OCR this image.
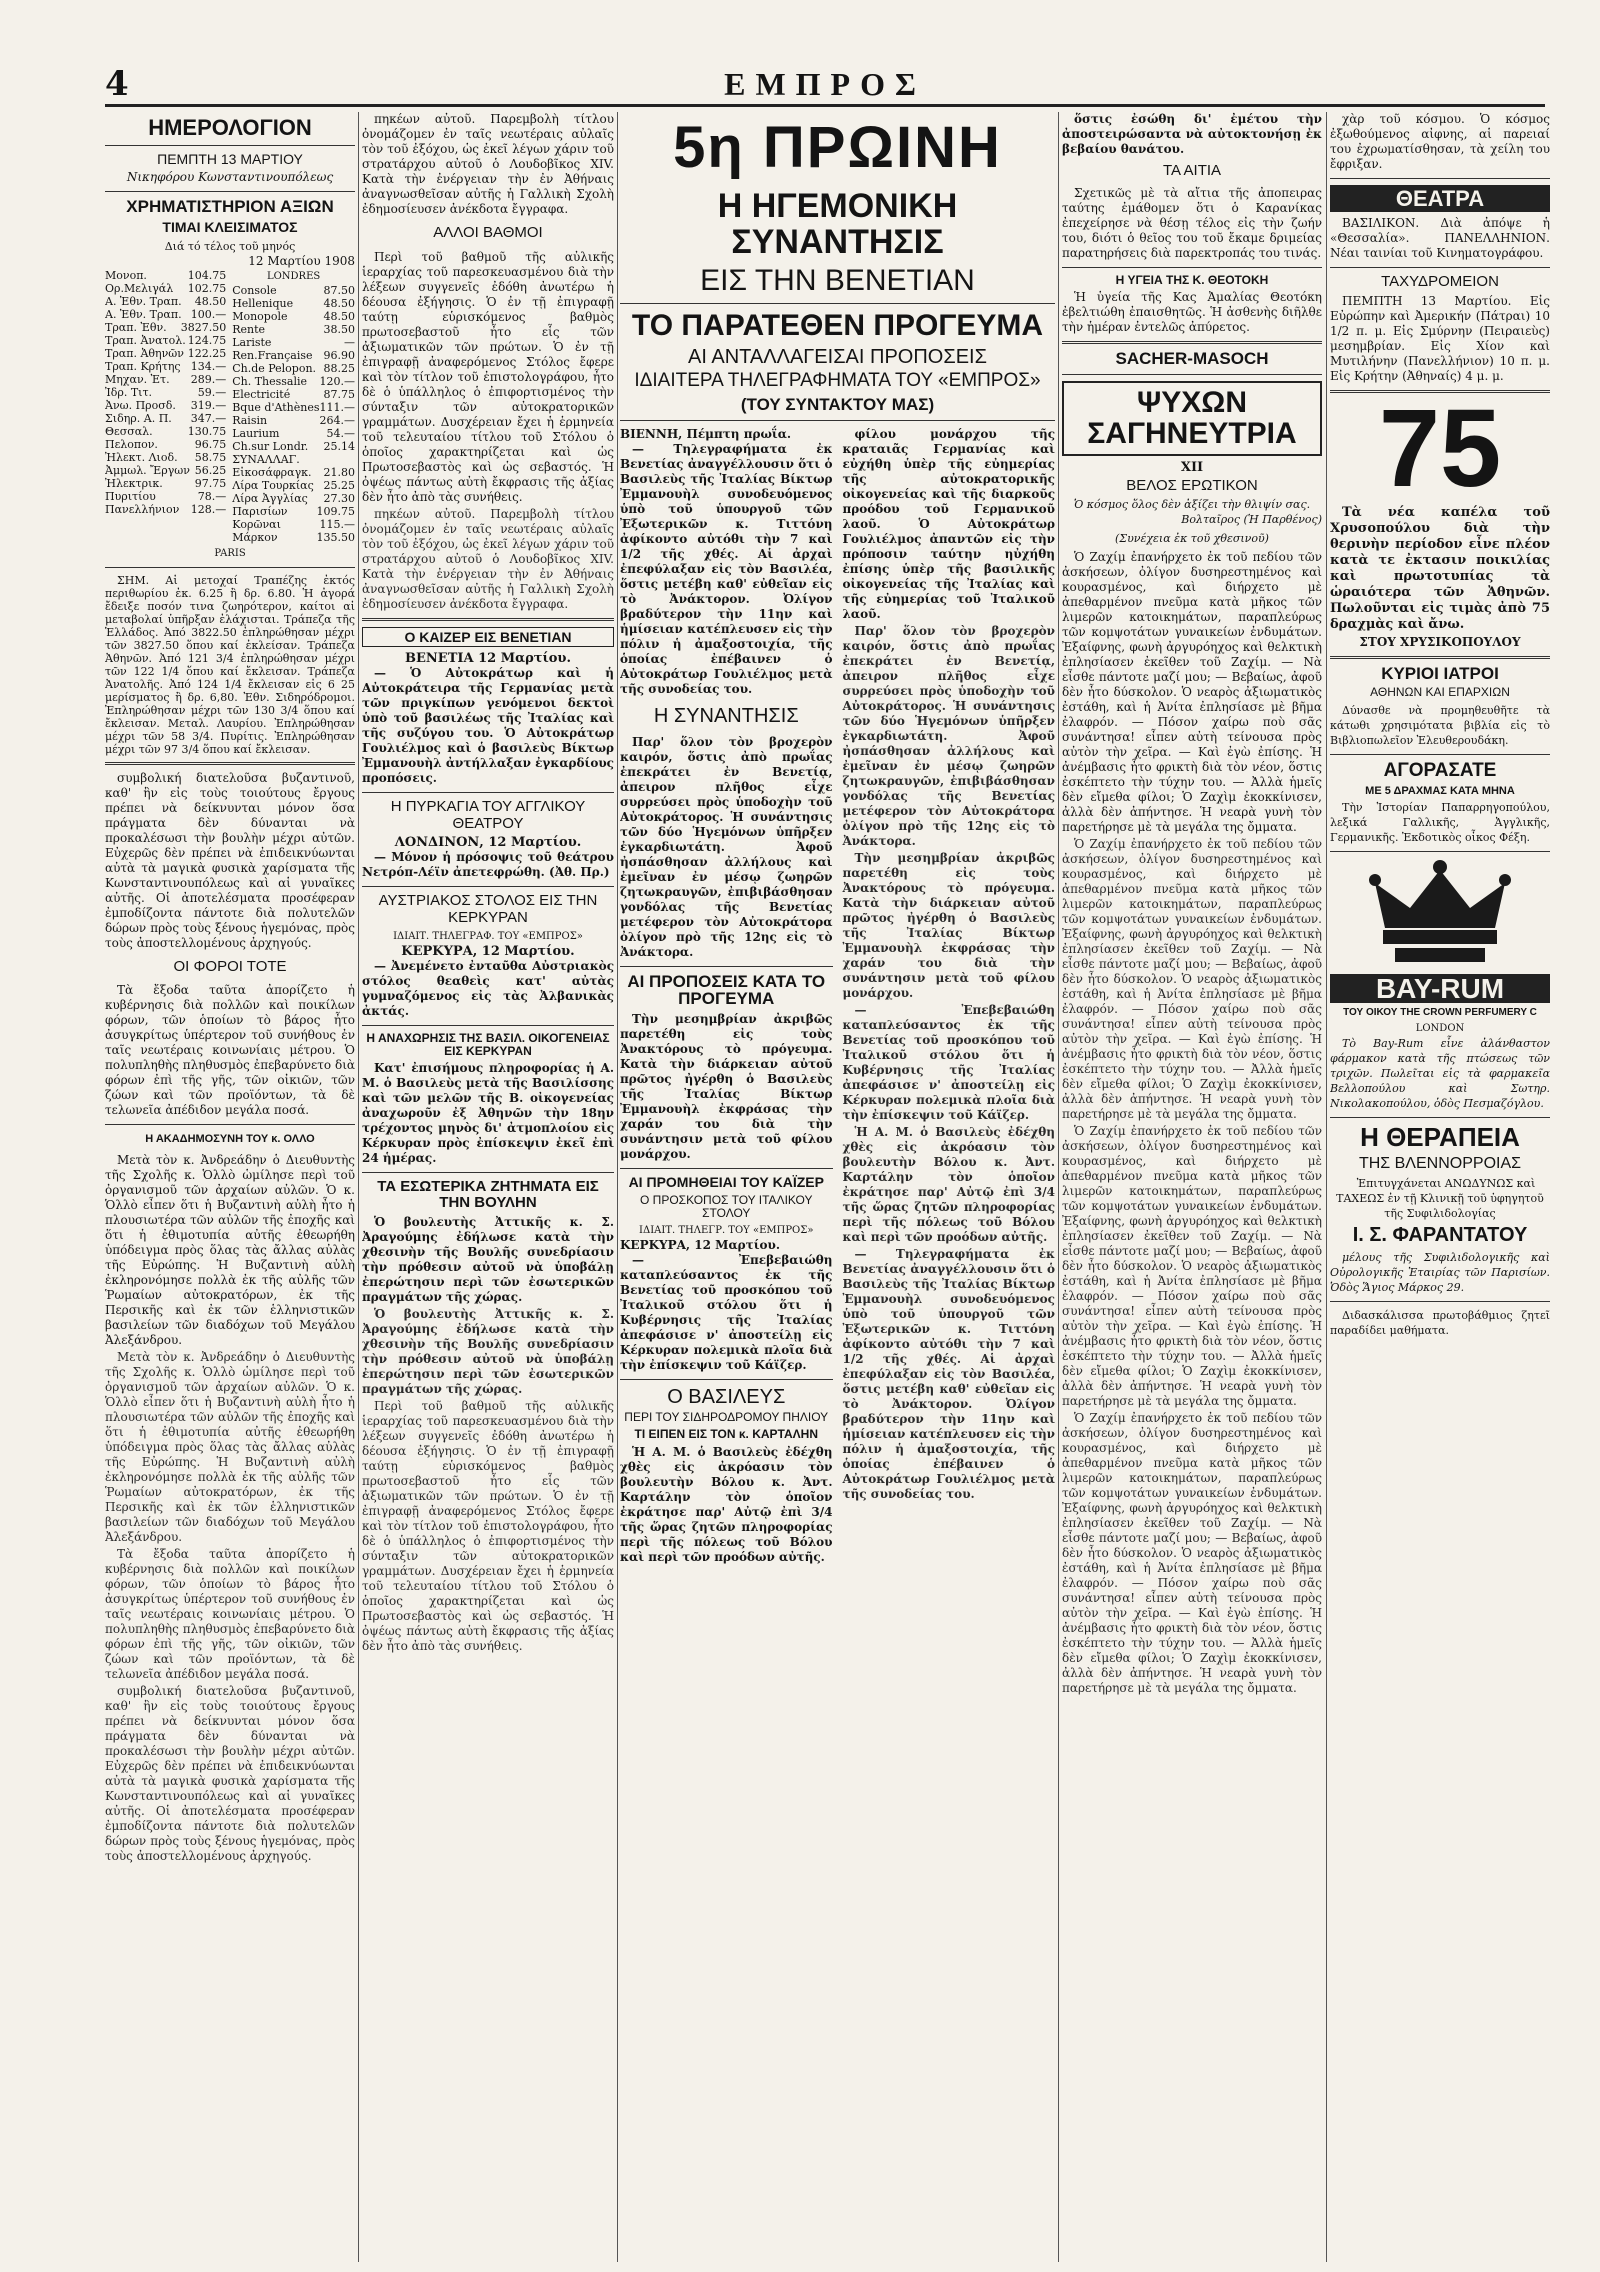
4	ΕΜΠΡΟΣ
ΗΜΕΡΟΛΟΓΙΟΝ
ΠΕΜΠΤΗ 13 ΜΑΡΤΙΟΥ
Νικηφόρου Κωνσταντινουπόλεως
ΧΡΗΜΑΤΙΣΤΗΡΙΟΝ ΑΞΙΩΝ
ΤΙΜΑΙ ΚΛΕΙΣΙΜΑΤΟΣ
Διά τό τέλος τοῦ μηνός
12 Μαρτίου 1908
Μονοπ.	104.75
Ορ.Μελιγάλ 102.75
Α. Ἐθν. Τραπ. 48.50
Α. Ἐθν. Τραπ. 100.—
Τραπ. Ἐθν. 3827.50
Τραπ. Ἀνατολ. 124.75
Τραπ. Ἀθηνῶν 122.25
Τραπ. Κρήτης 134.—
Μηχαν. Ἐτ. 289.—
Ἰδρ. Τιτ.	59.—
Ἀνω. Προσδ. 319.—
Σιδηρ. Α. Π. 347.—
Θεσσαλ.	130.75
Πελοπον.	96.75
Ἠλεκτ. Λιοδ. 58.75
Ἀμμωλ. Ἔργων 56.25
Ἠλεκτρικ.	97.75
Πυριτίου	78.—
Πανελλήνιον 128.—
LONDRES
Console	87.50
Hellenique	48.50
Monopole	48.50
Rente	38.50
Lariste	—
Ren.Française 96.90
Ch.de Pelopon. 88.25
Ch. Thessalie 120.—
Electricité	87.75
Bque d'Athènes 111.—
Raisin	264.—
Laurium	54.—
Ch.sur Londr. 25.14
ΣΥΝΑΛΛΑΓ.
Εἰκοσάφραγκ. 21.80
Λίρα Τουρκίας 25.25
Λίρα Ἀγγλίας 27.30
Παρισίων	109.75
Κορῶναι	115.—
Μάρκον	135.50
PARIS
ΣΗΜ. Αἱ μετοχαί Τραπέζης ἐκτός περιθωρίου ἐκ. 6.25 ἢ δρ. 6.80. Ἡ ἀγορά ἔδειξε ποσόν τινα ζωηρότερον, καίτοι αἱ μεταβολαί ὑπῆρξαν ἐλάχισται. Τράπεζα τῆς Ἑλλάδος. Ἀπό 3822.50 ἐπληρώθησαν μέχρι τῶν 3827.50 ὅπου καί ἐκλείσαν. Τράπεζα Ἀθηνῶν. Ἀπό 121 3/4 ἐπληρώθησαν μέχρι τῶν 122 1/4 ὅπου καί ἔκλεισαν. Τράπεζα Ἀνατολῆς. Ἀπό 124 1/4 ἔκλεισαν εἰς 6 25 μερίσματος ἢ δρ. 6,80. Ἐθν. Σιδηρόδρομοι. Ἐπληρώθησαν μέχρι τῶν 130 3/4 ὅπου καί ἔκλεισαν. Μεταλ. Λαυρίου. Ἐπληρώθησαν μέχρι τῶν 58 3/4. Πυρίτις. Ἐπληρώθησαν μέχρι τῶν 97 3/4 ὅπου καί ἔκλεισαν.
συμβολική διατελοῦσα βυζαντινοῦ, καθ' ἣν εἰς τοὺς τοιούτους ἔργους πρέπει νὰ δείκνυνται μόνον ὅσα πράγματα δὲν δύνανται νὰ προκαλέσωσι τὴν βουλὴν μέχρι αὐτῶν. Εὐχερῶς δὲν πρέπει νὰ ἐπιδεικνύωνται αὐτὰ τὰ μαγικὰ φυσικὰ χαρίσματα τῆς Κωνσταντινουπόλεως καὶ αἱ γυναῖκες αὐτῆς. Οἱ ἀποτελέσματα προσέφεραν ἐμποδίζοντα πάντοτε διὰ πολυτελῶν δώρων πρὸς τοὺς ξένους ἡγεμόνας, πρὸς τοὺς ἀποστελλομένους ἀρχηγούς.
ΟΙ ΦΟΡΟΙ ΤΟΤΕ
Τὰ ἔξοδα ταῦτα ἀπορίζετο ἡ κυβέρνησις διὰ πολλῶν καὶ ποικίλων φόρων, τῶν ὁποίων τὸ βάρος ἦτο ἀσυγκρίτως ὑπέρτερον τοῦ συνήθους ἐν ταῖς νεωτέραις κοινωνίαις μέτρου. Ὁ πολυπληθὴς πληθυσμὸς ἐπεβαρύνετο διὰ φόρων ἐπὶ τῆς γῆς, τῶν οἰκιῶν, τῶν ζώων καὶ τῶν προϊόντων, τὰ δὲ τελωνεῖα ἀπέδιδον μεγάλα ποσά.
Η ΑΚΑΔΗΜΟΣΥΝΗ ΤΟΥ κ. ΟΛΛΟ
Μετὰ τὸν κ. Ἀνδρεάδην ὁ Διευθυντὴς τῆς Σχολῆς κ. Ὁλλὸ ὡμίλησε περὶ τοῦ ὀργανισμοῦ τῶν ἀρχαίων αὐλῶν. Ὁ κ. Ὁλλὸ εἶπεν ὅτι ἡ Βυζαντινὴ αὐλὴ ἦτο ἡ πλουσιωτέρα τῶν αὐλῶν τῆς ἐποχῆς καὶ ὅτι ἡ ἐθιμοτυπία αὐτῆς ἐθεωρήθη ὑπόδειγμα πρὸς ὅλας τὰς ἄλλας αὐλὰς τῆς Εὐρώπης. Ἡ Βυζαντινὴ αὐλὴ ἐκληρονόμησε πολλὰ ἐκ τῆς αὐλῆς τῶν Ῥωμαίων αὐτοκρατόρων, ἐκ τῆς Περσικῆς καὶ ἐκ τῶν ἑλληνιστικῶν βασιλείων τῶν διαδόχων τοῦ Μεγάλου Ἀλεξάνδρου.
Μετὰ τὸν κ. Ἀνδρεάδην ὁ Διευθυντὴς τῆς Σχολῆς κ. Ὁλλὸ ὡμίλησε περὶ τοῦ ὀργανισμοῦ τῶν ἀρχαίων αὐλῶν. Ὁ κ. Ὁλλὸ εἶπεν ὅτι ἡ Βυζαντινὴ αὐλὴ ἦτο ἡ πλουσιωτέρα τῶν αὐλῶν τῆς ἐποχῆς καὶ ὅτι ἡ ἐθιμοτυπία αὐτῆς ἐθεωρήθη ὑπόδειγμα πρὸς ὅλας τὰς ἄλλας αὐλὰς τῆς Εὐρώπης. Ἡ Βυζαντινὴ αὐλὴ ἐκληρονόμησε πολλὰ ἐκ τῆς αὐλῆς τῶν Ῥωμαίων αὐτοκρατόρων, ἐκ τῆς Περσικῆς καὶ ἐκ τῶν ἑλληνιστικῶν βασιλείων τῶν διαδόχων τοῦ Μεγάλου Ἀλεξάνδρου.
Τὰ ἔξοδα ταῦτα ἀπορίζετο ἡ κυβέρνησις διὰ πολλῶν καὶ ποικίλων φόρων, τῶν ὁποίων τὸ βάρος ἦτο ἀσυγκρίτως ὑπέρτερον τοῦ συνήθους ἐν ταῖς νεωτέραις κοινωνίαις μέτρου. Ὁ πολυπληθὴς πληθυσμὸς ἐπεβαρύνετο διὰ φόρων ἐπὶ τῆς γῆς, τῶν οἰκιῶν, τῶν ζώων καὶ τῶν προϊόντων, τὰ δὲ τελωνεῖα ἀπέδιδον μεγάλα ποσά.
συμβολική διατελοῦσα βυζαντινοῦ, καθ' ἣν εἰς τοὺς τοιούτους ἔργους πρέπει νὰ δείκνυνται μόνον ὅσα πράγματα δὲν δύνανται νὰ προκαλέσωσι τὴν βουλὴν μέχρι αὐτῶν. Εὐχερῶς δὲν πρέπει νὰ ἐπιδεικνύωνται αὐτὰ τὰ μαγικὰ φυσικὰ χαρίσματα τῆς Κωνσταντινουπόλεως καὶ αἱ γυναῖκες αὐτῆς. Οἱ ἀποτελέσματα προσέφεραν ἐμποδίζοντα πάντοτε διὰ πολυτελῶν δώρων πρὸς τοὺς ξένους ἡγεμόνας, πρὸς τοὺς ἀποστελλομένους ἀρχηγούς.
πηκέων αὐτοῦ. Παρεμβολὴ τίτλου ὀνομάζομεν ἐν ταῖς νεωτέραις αὐλαῖς τὸν τοῦ ἐξόχου, ὡς ἐκεῖ λέγων χάριν τοῦ στρατάρχου αὐτοῦ ὁ Λουδοβῖκος XIV. Κατὰ τὴν ἐνέργειαν τὴν ἐν Ἀθήναις ἀναγνωσθεῖσαν αὐτῆς ἡ Γαλλικὴ Σχολὴ ἐδημοσίευσεν ἀνέκδοτα ἔγγραφα.
ΑΛΛΟΙ ΒΑΘΜΟΙ
Περὶ τοῦ βαθμοῦ τῆς αὐλικῆς ἱεραρχίας τοῦ παρεσκευασμένου διὰ τὴν λέξεων συγγενεῖς ἐδόθη ἀνωτέρω ἡ δέουσα ἐξήγησις. Ὁ ἐν τῇ ἐπιγραφῇ ταύτῃ εὑρισκόμενος βαθμὸς πρωτοσεβαστοῦ ἦτο εἷς τῶν ἀξιωματικῶν τῶν πρώτων. Ὁ ἐν τῇ ἐπιγραφῇ ἀναφερόμενος Στόλος ἔφερε καὶ τὸν τίτλον τοῦ ἐπιστολογράφου, ἦτο δὲ ὁ ὑπάλληλος ὁ ἐπιφορτισμένος τὴν σύνταξιν τῶν αὐτοκρατορικῶν γραμμάτων. Δυσχέρειαν ἔχει ἡ ἑρμηνεία τοῦ τελευταίου τίτλου τοῦ Στόλου ὁ ὁποῖος χαρακτηρίζεται καὶ ὡς Πρωτοσεβαστὸς καὶ ὡς σεβαστός. Ἡ ὀψέως πάντως αὐτὴ ἔκφρασις τῆς ἀξίας δὲν ἦτο ἀπὸ τὰς συνήθεις.
πηκέων αὐτοῦ. Παρεμβολὴ τίτλου ὀνομάζομεν ἐν ταῖς νεωτέραις αὐλαῖς τὸν τοῦ ἐξόχου, ὡς ἐκεῖ λέγων χάριν τοῦ στρατάρχου αὐτοῦ ὁ Λουδοβῖκος XIV. Κατὰ τὴν ἐνέργειαν τὴν ἐν Ἀθήναις ἀναγνωσθεῖσαν αὐτῆς ἡ Γαλλικὴ Σχολὴ ἐδημοσίευσεν ἀνέκδοτα ἔγγραφα.
Ο ΚΑΙΖΕΡ ΕΙΣ ΒΕΝΕΤΙΑΝ
ΒΕΝΕΤΙΑ 12 Μαρτίου.
— Ὁ Αὐτοκράτωρ καὶ ἡ Αὐτοκράτειρα τῆς Γερμανίας μετὰ τῶν πριγκίπων γενόμενοι δεκτοὶ ὑπὸ τοῦ βασιλέως τῆς Ἰταλίας καὶ τῆς συζύγου του. Ὁ Αὐτοκράτωρ Γουλιέλμος καὶ ὁ βασιλεὺς Βίκτωρ Ἐμμανουὴλ ἀντήλλαξαν ἐγκαρδίους προπόσεις.
Η ΠΥΡΚΑΓΙΑ ΤΟΥ ΑΓΓΛΙΚΟΥ ΘΕΑΤΡΟΥ
ΛΟΝΔΙΝΟΝ, 12 Μαρτίου.
— Μόνον ἡ πρόσοψις τοῦ θεάτρου Νετρόπ-Λέϊν ἀπετεφρώθη. (Ἀθ. Πρ.)
ΑΥΣΤΡΙΑΚΟΣ ΣΤΟΛΟΣ ΕΙΣ ΤΗΝ ΚΕΡΚΥΡΑΝ
ΙΔΙΑΙΤ. ΤΗΛΕΓΡΑΦ. ΤΟΥ «ΕΜΠΡΟΣ»
ΚΕΡΚΥΡΑ, 12 Μαρτίου.
— Ἀνεμένετο ἐνταῦθα Αὐστριακὸς στόλος θεαθεὶς κατ' αὐτὰς γυμναζόμενος εἰς τὰς Ἀλβανικὰς ἀκτάς.
Η ΑΝΑΧΩΡΗΣΙΣ ΤΗΣ ΒΑΣΙΛ. ΟΙΚΟΓΕΝΕΙΑΣ ΕΙΣ ΚΕΡΚΥΡΑΝ
Κατ' ἐπισήμους πληροφορίας ἡ Α. Μ. ὁ Βασιλεὺς μετὰ τῆς Βασιλίσσης καὶ τῶν μελῶν τῆς Β. οἰκογενείας ἀναχωροῦν ἐξ Ἀθηνῶν τὴν 18ην τρέχοντος μηνὸς δι' ἀτμοπλοίου εἰς Κέρκυραν πρὸς ἐπίσκεψιν ἐκεῖ ἐπὶ 24 ἡμέρας.
ΤΑ ΕΣΩΤΕΡΙΚΑ ΖΗΤΗΜΑΤΑ ΕΙΣ ΤΗΝ ΒΟΥΛΗΝ
Ὁ βουλευτὴς Ἀττικῆς κ. Σ. Ἀραγούμης ἐδήλωσε κατὰ τὴν χθεσινὴν τῆς Βουλῆς συνεδρίασιν τὴν πρόθεσιν αὐτοῦ νὰ ὑποβάλῃ ἐπερώτησιν περὶ τῶν ἐσωτερικῶν πραγμάτων τῆς χώρας.
Ὁ βουλευτὴς Ἀττικῆς κ. Σ. Ἀραγούμης ἐδήλωσε κατὰ τὴν χθεσινὴν τῆς Βουλῆς συνεδρίασιν τὴν πρόθεσιν αὐτοῦ νὰ ὑποβάλῃ ἐπερώτησιν περὶ τῶν ἐσωτερικῶν πραγμάτων τῆς χώρας.
Περὶ τοῦ βαθμοῦ τῆς αὐλικῆς ἱεραρχίας τοῦ παρεσκευασμένου διὰ τὴν λέξεων συγγενεῖς ἐδόθη ἀνωτέρω ἡ δέουσα ἐξήγησις. Ὁ ἐν τῇ ἐπιγραφῇ ταύτῃ εὑρισκόμενος βαθμὸς πρωτοσεβαστοῦ ἦτο εἷς τῶν ἀξιωματικῶν τῶν πρώτων. Ὁ ἐν τῇ ἐπιγραφῇ ἀναφερόμενος Στόλος ἔφερε καὶ τὸν τίτλον τοῦ ἐπιστολογράφου, ἦτο δὲ ὁ ὑπάλληλος ὁ ἐπιφορτισμένος τὴν σύνταξιν τῶν αὐτοκρατορικῶν γραμμάτων. Δυσχέρειαν ἔχει ἡ ἑρμηνεία τοῦ τελευταίου τίτλου τοῦ Στόλου ὁ ὁποῖος χαρακτηρίζεται καὶ ὡς Πρωτοσεβαστὸς καὶ ὡς σεβαστός. Ἡ ὀψέως πάντως αὐτὴ ἔκφρασις τῆς ἀξίας δὲν ἦτο ἀπὸ τὰς συνήθεις.
5η ΠΡΩΙΝΗ
Η ΗΓΕΜΟΝΙΚΗ ΣΥΝΑΝΤΗΣΙΣ
ΕΙΣ ΤΗΝ ΒΕΝΕΤΙΑΝ
ΤΟ ΠΑΡΑΤΕΘΕΝ ΠΡΟΓΕΥΜΑ
ΑΙ ΑΝΤΑΛΛΑΓΕΙΣΑΙ ΠΡΟΠΟΣΕΙΣ
ΙΔΙΑΙΤΕΡΑ ΤΗΛΕΓΡΑΦΗΜΑΤΑ ΤΟΥ «ΕΜΠΡΟΣ»
(ΤΟΥ ΣΥΝΤΑΚΤΟΥ ΜΑΣ)
ΒΙΕΝΝΗ, Πέμπτη πρωΐα.
— Τηλεγραφήματα ἐκ Βενετίας ἀναγγέλλουσιν ὅτι ὁ Βασιλεὺς τῆς Ἰταλίας Βίκτωρ Ἐμμανουὴλ συνοδευόμενος ὑπὸ τοῦ ὑπουργοῦ τῶν Ἐξωτερικῶν κ. Τιττόνη ἀφίκοντο αὐτόθι τὴν 7 καὶ 1/2 τῆς χθές. Αἱ ἀρχαὶ ἐπεφύλαξαν εἰς τὸν Βασιλέα, ὅστις μετέβη καθ' εὐθεῖαν εἰς τὸ Ἀνάκτορον. Ὀλίγον βραδύτερον τὴν 11ην καὶ ἡμίσειαν κατέπλευσεν εἰς τὴν πόλιν ἡ ἀμαξοστοιχία, τῆς ὁποίας ἐπέβαινεν ὁ Αὐτοκράτωρ Γουλιέλμος μετὰ τῆς συνοδείας του.
Η ΣΥΝΑΝΤΗΣΙΣ
Παρ' ὅλον τὸν βροχερὸν καιρόν, ὅστις ἀπὸ πρωΐας ἐπεκράτει ἐν Βενετίᾳ, ἀπειρον πλῆθος εἶχε συρρεύσει πρὸς ὑποδοχὴν τοῦ Αὐτοκράτορος. Ἡ συνάντησις τῶν δύο Ἡγεμόνων ὑπῆρξεν ἐγκαρδιωτάτη. Ἀφοῦ ἠσπάσθησαν ἀλλήλους καὶ ἐμεῖναν ἐν μέσῳ ζωηρῶν ζητωκραυγῶν, ἐπιβιβάσθησαν γονδόλας τῆς Βενετίας μετέφερον τὸν Αὐτοκράτορα ὀλίγον πρὸ τῆς 12ης εἰς τὸ Ἀνάκτορα.
ΑΙ ΠΡΟΠΟΣΕΙΣ ΚΑΤΑ ΤΟ ΠΡΟΓΕΥΜΑ
Τὴν μεσημβρίαν ἀκριβῶς παρετέθη εἰς τοὺς Ἀνακτόρους τὸ πρόγευμα. Κατὰ τὴν διάρκειαν αὐτοῦ πρῶτος ἠγέρθη ὁ Βασιλεὺς τῆς Ἰταλίας Βίκτωρ Ἐμμανουὴλ ἐκφράσας τὴν χαράν του διὰ τὴν συνάντησιν μετὰ τοῦ φίλου μονάρχου.
ΑΙ ΠΡΟΜΗΘΕΙΑΙ ΤΟΥ ΚΑΪΖΕΡ
Ο ΠΡΟΣΚΟΠΟΣ ΤΟΥ ΙΤΑΛΙΚΟΥ ΣΤΟΛΟΥ
ΙΔΙΑΙΤ. ΤΗΛΕΓΡ. ΤΟΥ «ΕΜΠΡΟΣ»
ΚΕΡΚΥΡΑ, 12 Μαρτίου.
— Ἐπεβεβαιώθη καταπλεύσαντος ἐκ τῆς Βενετίας τοῦ προσκόπου τοῦ Ἰταλικοῦ στόλου ὅτι ἡ Κυβέρνησις τῆς Ἰταλίας ἀπεφάσισε ν' ἀποστείλῃ εἰς Κέρκυραν πολεμικὰ πλοῖα διὰ τὴν ἐπίσκεψιν τοῦ Κάϊζερ.
Ο ΒΑΣΙΛΕΥΣ
ΠΕΡΙ ΤΟΥ ΣΙΔΗΡΟΔΡΟΜΟΥ ΠΗΛΙΟΥ
ΤΙ ΕΙΠΕΝ ΕΙΣ ΤΟΝ κ. ΚΑΡΤΑΛΗΝ
Ἡ Α. Μ. ὁ Βασιλεὺς ἐδέχθη χθὲς εἰς ἀκρόασιν τὸν βουλευτὴν Βόλου κ. Ἀντ. Καρτάλην τὸν ὁποῖον ἐκράτησε παρ' Αὐτῷ ἐπὶ 3/4 τῆς ὥρας ζητῶν πληροφορίας περὶ τῆς πόλεως τοῦ Βόλου καὶ περὶ τῶν προόδων αὐτῆς.
φίλου μονάρχου τῆς κραταιᾶς Γερμανίας καὶ εὐχήθη ὑπὲρ τῆς εὐημερίας τῆς αὐτοκρατορικῆς οἰκογενείας καὶ τῆς διαρκοῦς προόδου τοῦ Γερμανικοῦ λαοῦ. Ὁ Αὐτοκράτωρ Γουλιέλμος ἀπαντῶν εἰς τὴν πρόποσιν ταύτην ηὐχήθη ἐπίσης ὑπὲρ τῆς βασιλικῆς οἰκογενείας τῆς Ἰταλίας καὶ τῆς εὐημερίας τοῦ Ἰταλικοῦ λαοῦ.
Παρ' ὅλον τὸν βροχερὸν καιρόν, ὅστις ἀπὸ πρωΐας ἐπεκράτει ἐν Βενετίᾳ, ἀπειρον πλῆθος εἶχε συρρεύσει πρὸς ὑποδοχὴν τοῦ Αὐτοκράτορος. Ἡ συνάντησις τῶν δύο Ἡγεμόνων ὑπῆρξεν ἐγκαρδιωτάτη. Ἀφοῦ ἠσπάσθησαν ἀλλήλους καὶ ἐμεῖναν ἐν μέσῳ ζωηρῶν ζητωκραυγῶν, ἐπιβιβάσθησαν γονδόλας τῆς Βενετίας μετέφερον τὸν Αὐτοκράτορα ὀλίγον πρὸ τῆς 12ης εἰς τὸ Ἀνάκτορα.
Τὴν μεσημβρίαν ἀκριβῶς παρετέθη εἰς τοὺς Ἀνακτόρους τὸ πρόγευμα. Κατὰ τὴν διάρκειαν αὐτοῦ πρῶτος ἠγέρθη ὁ Βασιλεὺς τῆς Ἰταλίας Βίκτωρ Ἐμμανουὴλ ἐκφράσας τὴν χαράν του διὰ τὴν συνάντησιν μετὰ τοῦ φίλου μονάρχου.
— Ἐπεβεβαιώθη καταπλεύσαντος ἐκ τῆς Βενετίας τοῦ προσκόπου τοῦ Ἰταλικοῦ στόλου ὅτι ἡ Κυβέρνησις τῆς Ἰταλίας ἀπεφάσισε ν' ἀποστείλῃ εἰς Κέρκυραν πολεμικὰ πλοῖα διὰ τὴν ἐπίσκεψιν τοῦ Κάϊζερ.
Ἡ Α. Μ. ὁ Βασιλεὺς ἐδέχθη χθὲς εἰς ἀκρόασιν τὸν βουλευτὴν Βόλου κ. Ἀντ. Καρτάλην τὸν ὁποῖον ἐκράτησε παρ' Αὐτῷ ἐπὶ 3/4 τῆς ὥρας ζητῶν πληροφορίας περὶ τῆς πόλεως τοῦ Βόλου καὶ περὶ τῶν προόδων αὐτῆς.
— Τηλεγραφήματα ἐκ Βενετίας ἀναγγέλλουσιν ὅτι ὁ Βασιλεὺς τῆς Ἰταλίας Βίκτωρ Ἐμμανουὴλ συνοδευόμενος ὑπὸ τοῦ ὑπουργοῦ τῶν Ἐξωτερικῶν κ. Τιττόνη ἀφίκοντο αὐτόθι τὴν 7 καὶ 1/2 τῆς χθές. Αἱ ἀρχαὶ ἐπεφύλαξαν εἰς τὸν Βασιλέα, ὅστις μετέβη καθ' εὐθεῖαν εἰς τὸ Ἀνάκτορον. Ὀλίγον βραδύτερον τὴν 11ην καὶ ἡμίσειαν κατέπλευσεν εἰς τὴν πόλιν ἡ ἀμαξοστοιχία, τῆς ὁποίας ἐπέβαινεν ὁ Αὐτοκράτωρ Γουλιέλμος μετὰ τῆς συνοδείας του.
ὅστις ἐσώθη δι' ἐμέτου τὴν ἀποστειρώσαντα νὰ αὐτοκτονήσῃ ἐκ βεβαίου θανάτου.
ΤΑ ΑΙΤΙΑ
Σχετικῶς μὲ τὰ αἴτια τῆς ἀποπειρας ταύτης ἐμάθομεν ὅτι ὁ Καρανίκας ἐπεχείρησε νὰ θέσῃ τέλος εἰς τὴν ζωήν του, διότι ὁ θεῖος του τοῦ ἔκαμε δριμείας παρατηρήσεις διὰ παρεκτροπάς του τινάς.
Η ΥΓΕΙΑ ΤΗΣ Κ. ΘΕΟΤΟΚΗ
Ἡ ὑγεία τῆς Κας Ἀμαλίας Θεοτόκη ἐβελτιώθη ἐπαισθητῶς. Ἡ ἀσθενὴς διῆλθε τὴν ἡμέραν ἐντελῶς ἀπύρετος.
SACHER-MASOCH
ΨΥΧΩΝ ΣΑΓΗΝΕΥΤΡΙΑ
XII
ΒΕΛΟΣ ΕΡΩΤΙΚΟΝ
Ὁ κόσμος ὅλος δὲν ἀξίζει τὴν θλιψίν σας.
Βολταῖρος (Ἡ Παρθένος)
(Συνέχεια ἐκ τοῦ χθεσινοῦ)
Ὁ Ζαχίμ ἐπανήρχετο ἐκ τοῦ πεδίου τῶν ἀσκήσεων, ὀλίγον δυσηρεστημένος καὶ κουρασμένος, καὶ διήρχετο μὲ ἀπεθαρμένον πνεῦμα κατὰ μῆκος τῶν λιμερῶν κατοικημάτων, παραπλεύρως τῶν κομψοτάτων γυναικείων ἐνδυμάτων. Ἐξαίφνης, φωνὴ ἀργυρόηχος καὶ θελκτικὴ ἐπλησίασεν ἐκεῖθεν τοῦ Ζαχίμ. — Νὰ εἶσθε πάντοτε μαζί μου; — Βεβαίως, ἀφοῦ δὲν ἦτο δύσκολον. Ὁ νεαρὸς ἀξιωματικὸς ἐστάθη, καὶ ἡ Ἀνίτα ἐπλησίασε μὲ βῆμα ἐλαφρόν. — Πόσον χαίρω ποὺ σᾶς συνάντησα! εἶπεν αὐτὴ τείνουσα πρὸς αὐτὸν τὴν χεῖρα. — Καὶ ἐγὼ ἐπίσης. Ἡ ἀνέμβασις ἦτο φρικτὴ διὰ τὸν νέον, ὅστις ἐσκέπτετο τὴν τύχην του. — Ἀλλὰ ἡμεῖς δὲν εἴμεθα φίλοι; Ὁ Ζαχὶμ ἐκοκκίνισεν, ἀλλὰ δὲν ἀπήντησε. Ἡ νεαρὰ γυνὴ τὸν παρετήρησε μὲ τὰ μεγάλα της ὄμματα.
Ὁ Ζαχίμ ἐπανήρχετο ἐκ τοῦ πεδίου τῶν ἀσκήσεων, ὀλίγον δυσηρεστημένος καὶ κουρασμένος, καὶ διήρχετο μὲ ἀπεθαρμένον πνεῦμα κατὰ μῆκος τῶν λιμερῶν κατοικημάτων, παραπλεύρως τῶν κομψοτάτων γυναικείων ἐνδυμάτων. Ἐξαίφνης, φωνὴ ἀργυρόηχος καὶ θελκτικὴ ἐπλησίασεν ἐκεῖθεν τοῦ Ζαχίμ. — Νὰ εἶσθε πάντοτε μαζί μου; — Βεβαίως, ἀφοῦ δὲν ἦτο δύσκολον. Ὁ νεαρὸς ἀξιωματικὸς ἐστάθη, καὶ ἡ Ἀνίτα ἐπλησίασε μὲ βῆμα ἐλαφρόν. — Πόσον χαίρω ποὺ σᾶς συνάντησα! εἶπεν αὐτὴ τείνουσα πρὸς αὐτὸν τὴν χεῖρα. — Καὶ ἐγὼ ἐπίσης. Ἡ ἀνέμβασις ἦτο φρικτὴ διὰ τὸν νέον, ὅστις ἐσκέπτετο τὴν τύχην του. — Ἀλλὰ ἡμεῖς δὲν εἴμεθα φίλοι; Ὁ Ζαχὶμ ἐκοκκίνισεν, ἀλλὰ δὲν ἀπήντησε. Ἡ νεαρὰ γυνὴ τὸν παρετήρησε μὲ τὰ μεγάλα της ὄμματα.
Ὁ Ζαχίμ ἐπανήρχετο ἐκ τοῦ πεδίου τῶν ἀσκήσεων, ὀλίγον δυσηρεστημένος καὶ κουρασμένος, καὶ διήρχετο μὲ ἀπεθαρμένον πνεῦμα κατὰ μῆκος τῶν λιμερῶν κατοικημάτων, παραπλεύρως τῶν κομψοτάτων γυναικείων ἐνδυμάτων. Ἐξαίφνης, φωνὴ ἀργυρόηχος καὶ θελκτικὴ ἐπλησίασεν ἐκεῖθεν τοῦ Ζαχίμ. — Νὰ εἶσθε πάντοτε μαζί μου; — Βεβαίως, ἀφοῦ δὲν ἦτο δύσκολον. Ὁ νεαρὸς ἀξιωματικὸς ἐστάθη, καὶ ἡ Ἀνίτα ἐπλησίασε μὲ βῆμα ἐλαφρόν. — Πόσον χαίρω ποὺ σᾶς συνάντησα! εἶπεν αὐτὴ τείνουσα πρὸς αὐτὸν τὴν χεῖρα. — Καὶ ἐγὼ ἐπίσης. Ἡ ἀνέμβασις ἦτο φρικτὴ διὰ τὸν νέον, ὅστις ἐσκέπτετο τὴν τύχην του. — Ἀλλὰ ἡμεῖς δὲν εἴμεθα φίλοι; Ὁ Ζαχὶμ ἐκοκκίνισεν, ἀλλὰ δὲν ἀπήντησε. Ἡ νεαρὰ γυνὴ τὸν παρετήρησε μὲ τὰ μεγάλα της ὄμματα.
Ὁ Ζαχίμ ἐπανήρχετο ἐκ τοῦ πεδίου τῶν ἀσκήσεων, ὀλίγον δυσηρεστημένος καὶ κουρασμένος, καὶ διήρχετο μὲ ἀπεθαρμένον πνεῦμα κατὰ μῆκος τῶν λιμερῶν κατοικημάτων, παραπλεύρως τῶν κομψοτάτων γυναικείων ἐνδυμάτων. Ἐξαίφνης, φωνὴ ἀργυρόηχος καὶ θελκτικὴ ἐπλησίασεν ἐκεῖθεν τοῦ Ζαχίμ. — Νὰ εἶσθε πάντοτε μαζί μου; — Βεβαίως, ἀφοῦ δὲν ἦτο δύσκολον. Ὁ νεαρὸς ἀξιωματικὸς ἐστάθη, καὶ ἡ Ἀνίτα ἐπλησίασε μὲ βῆμα ἐλαφρόν. — Πόσον χαίρω ποὺ σᾶς συνάντησα! εἶπεν αὐτὴ τείνουσα πρὸς αὐτὸν τὴν χεῖρα. — Καὶ ἐγὼ ἐπίσης. Ἡ ἀνέμβασις ἦτο φρικτὴ διὰ τὸν νέον, ὅστις ἐσκέπτετο τὴν τύχην του. — Ἀλλὰ ἡμεῖς δὲν εἴμεθα φίλοι; Ὁ Ζαχὶμ ἐκοκκίνισεν, ἀλλὰ δὲν ἀπήντησε. Ἡ νεαρὰ γυνὴ τὸν παρετήρησε μὲ τὰ μεγάλα της ὄμματα.
χὰρ τοῦ κόσμου. Ὁ κόσμος ἐξωθούμενος αἰφνης, αἱ παρειαί του ἐχρωματίσθησαν, τὰ χείλη του ἔφριξαν.
ΘΕΑΤΡΑ
ΒΑΣΙΛΙΚΟΝ. Διὰ ἀπόψε ἡ «Θεσσαλία». ΠΑΝΕΛΛΗΝΙΟΝ. Νέαι ταινίαι τοῦ Κινηματογράφου.
ΤΑΧΥΔΡΟΜΕΙΟΝ
ΠΕΜΠΤΗ 13 Μαρτίου. Εἰς Εὐρώπην καὶ Ἀμερικήν (Πάτραι) 10 1/2 π. μ. Εἰς Σμύρνην (Πειραιεὺς) μεσημβρίαν. Εἰς Χίον καὶ Μυτιλήνην (Πανελλήνιον) 10 π. μ. Εἰς Κρήτην (Ἀθηναίς) 4 μ. μ.
75
Τὰ νέα καπέλα τοῦ Χρυσοπούλου διὰ τὴν θερινὴν περίοδον εἶνε πλέον κατὰ τε ἐκτασιν ποικιλίας καὶ πρωτοτυπίας τὰ ὡραιότερα τῶν Ἀθηνῶν. Πωλοῦνται εἰς τιμὰς ἀπὸ 75 δραχμὰς καὶ ἄνω.
ΣΤΟΥ ΧΡΥΣΙΚΟΠΟΥΛΟΥ
ΚΥΡΙΟΙ ΙΑΤΡΟΙ
ΑΘΗΝΩΝ ΚΑΙ ΕΠΑΡΧΙΩΝ
Δύνασθε νὰ προμηθευθῆτε τὰ κάτωθι χρησιμότατα βιβλία εἰς τὸ Βιβλιοπωλεῖον Ἐλευθερουδάκη.
ΑΓΟΡΑΣΑΤΕ
ΜΕ 5 ΔΡΑΧΜΑΣ ΚΑΤΑ ΜΗΝΑ
Τὴν Ἱστορίαν Παπαρρηγοπούλου, λεξικά Γαλλικῆς, Ἀγγλικῆς, Γερμανικῆς. Ἐκδοτικὸς οἶκος Φέξη.
BAY-RUM
ΤΟΥ ΟΙΚΟΥ THE CROWN PERFUMERY C
LONDON
Τὸ Bay-Rum εἶνε ἀλάνθαστον φάρμακον κατὰ τῆς πτώσεως τῶν τριχῶν. Πωλεῖται εἰς τὰ φαρμακεῖα Βελλοπούλου καὶ Σωτηρ. Νικολακοπούλου, ὁδὸς Πεσμαζόγλου.
Η ΘΕΡΑΠΕΙΑ
ΤΗΣ ΒΛΕΝΝΟΡΡΟΙΑΣ
Ἐπιτυγχάνεται ΑΝΩΔΥΝΩΣ καὶ ΤΑΧΕΩΣ ἐν τῇ Κλινικῇ τοῦ ὑφηγητοῦ τῆς Συφιλιδολογίας
Ι. Σ. ΦΑΡΑΝΤΑΤΟΥ
μέλους τῆς Συφιλιδολογικῆς καὶ Οὐρολογικῆς Ἑταιρίας τῶν Παρισίων. Ὁδὸς Ἅγιος Μάρκος 29.
Διδασκάλισσα πρωτοβάθμιος ζητεῖ παραδίδει μαθήματα.
